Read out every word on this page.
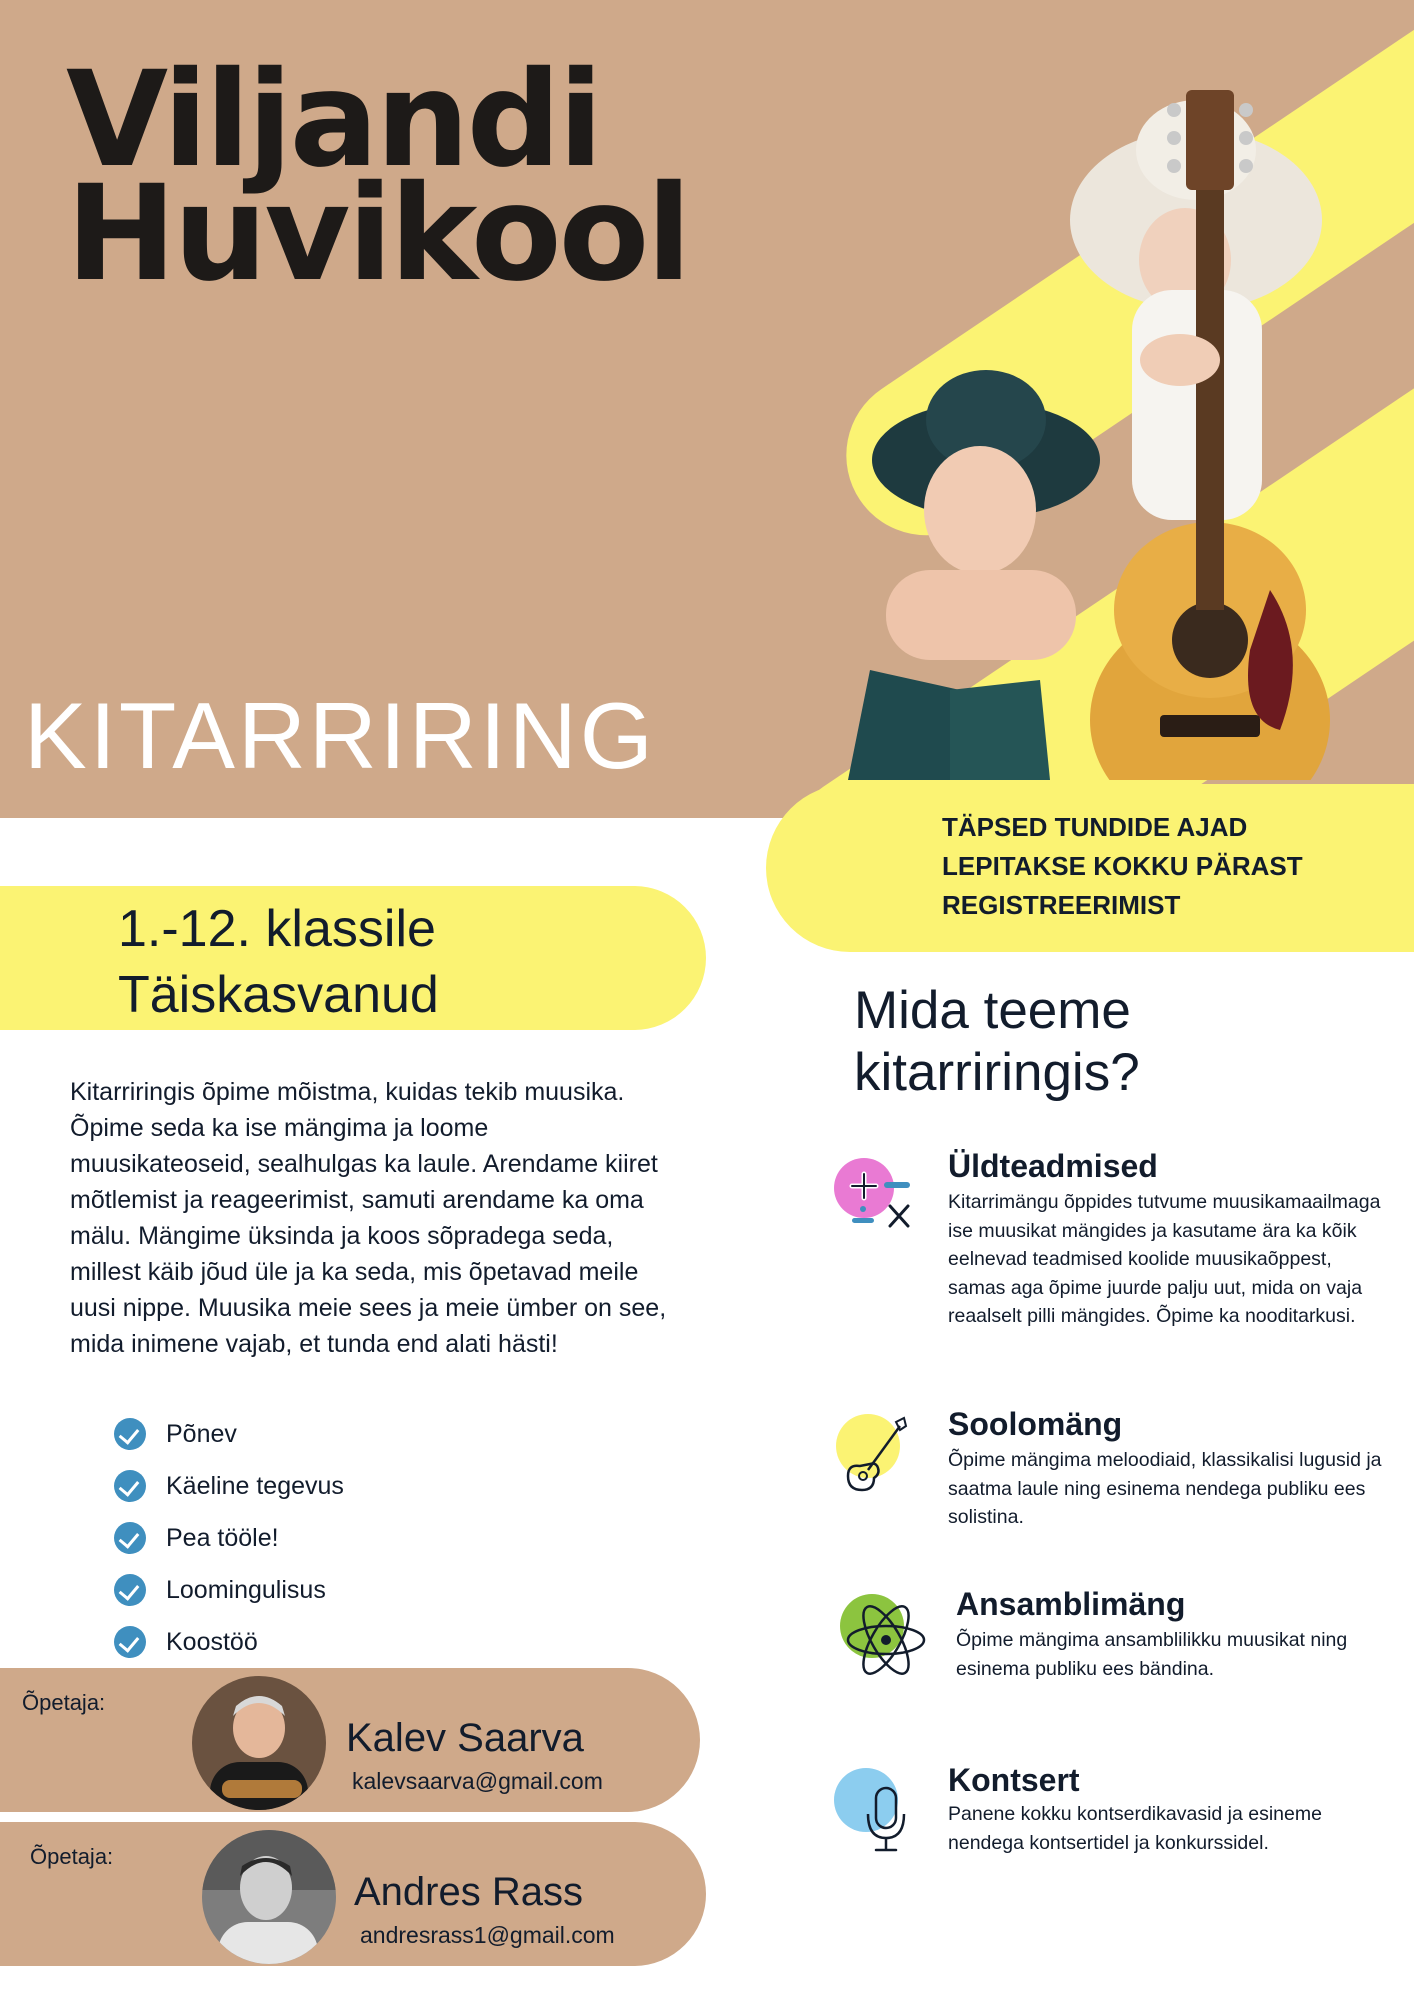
Viljandi
Huvikool
KITARRIRING
TÄPSED TUNDIDE AJAD LEPITAKSE KOKKU PÄRAST REGISTREERIMIST
1.-12. klassile
Täiskasvanud

Kitarriringis õpime mõistma, kuidas tekib muusika. Õpime seda ka ise mängima ja loome muusikateoseid, sealhulgas ka laule. Arendame kiiret mõtlemist ja reageerimist, samuti arendame ka oma mälu. Mängime üksinda ja koos sõpradega seda, millest käib jõud üle ja ka seda, mis õpetavad meile uusi nippe. Muusika meie sees ja meie ümber on see, mida inimene vajab, et tunda end alati hästi!

Põnev
Käeline tegevus
Pea tööle!
Loomingulisus
Koostöö
Õpetaja:
Kalev Saarva
kalevsaarva@gmail.com
Õpetaja:
Andres Rass
andresrass1@gmail.com
Mida teeme kitarriringis?
Üldteadmised
Kitarrimängu õppides tutvume muusikamaailmaga ise muusikat mängides ja kasutame ära ka kõik eelnevad teadmised koolide muusikaõppest, samas aga õpime juurde palju uut, mida on vaja reaalselt pilli mängides. Õpime ka nooditarkusi.
Soolomäng
Õpime mängima meloodiaid, klassikalisi lugusid ja saatma laule ning esinema nendega publiku ees solistina.
Ansamblimäng
Õpime mängima ansamblilikku muusikat ning esinema publiku ees bändina.
Kontsert
Panene kokku kontserdikavasid ja esineme nendega kontsertidel ja konkurssidel.
